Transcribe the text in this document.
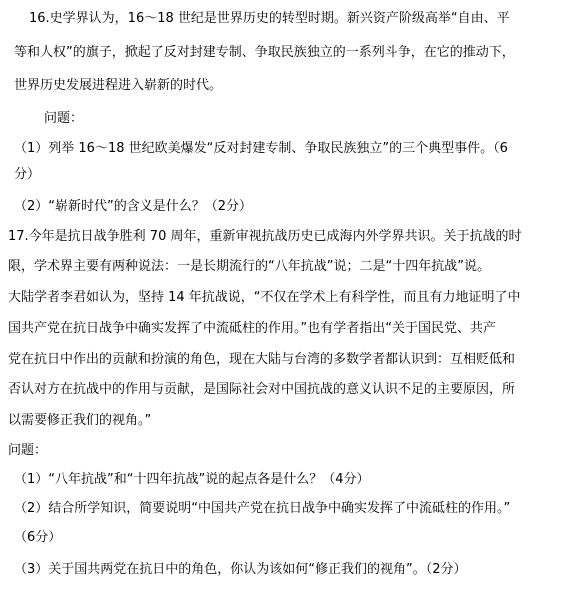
16.史学界认为，16～18 世纪是世界历史的转型时期。新兴资产阶级高举“自由、平
等和人权”的旗子，掀起了反对封建专制、争取民族独立的一系列斗争，在它的推动下，
世界历史发展进程进入崭新的时代。
问题：
（1）列举 16～18 世纪欧美爆发“反对封建专制、争取民族独立”的三个典型事件。（6
分）
（2）“崭新时代”的含义是什么？（2分）
17.今年是抗日战争胜利 70 周年，重新审视抗战历史已成海内外学界共识。关于抗战的时
限，学术界主要有两种说法：一是长期流行的“八年抗战”说；二是“十四年抗战”说。
大陆学者李君如认为，坚持 14 年抗战说，“不仅在学术上有科学性，而且有力地证明了中
国共产党在抗日战争中确实发挥了中流砥柱的作用。”也有学者指出“关于国民党、共产
党在抗日中作出的贡献和扮演的角色，现在大陆与台湾的多数学者都认识到：互相贬低和
否认对方在抗战中的作用与贡献，是国际社会对中国抗战的意义认识不足的主要原因，所
以需要修正我们的视角。”
问题：
（1）“八年抗战”和“十四年抗战”说的起点各是什么？（4分）
（2）结合所学知识，简要说明“中国共产党在抗日战争中确实发挥了中流砥柱的作用。”
（6分）
（3）关于国共两党在抗日中的角色，你认为该如何“修正我们的视角”。（2分）
